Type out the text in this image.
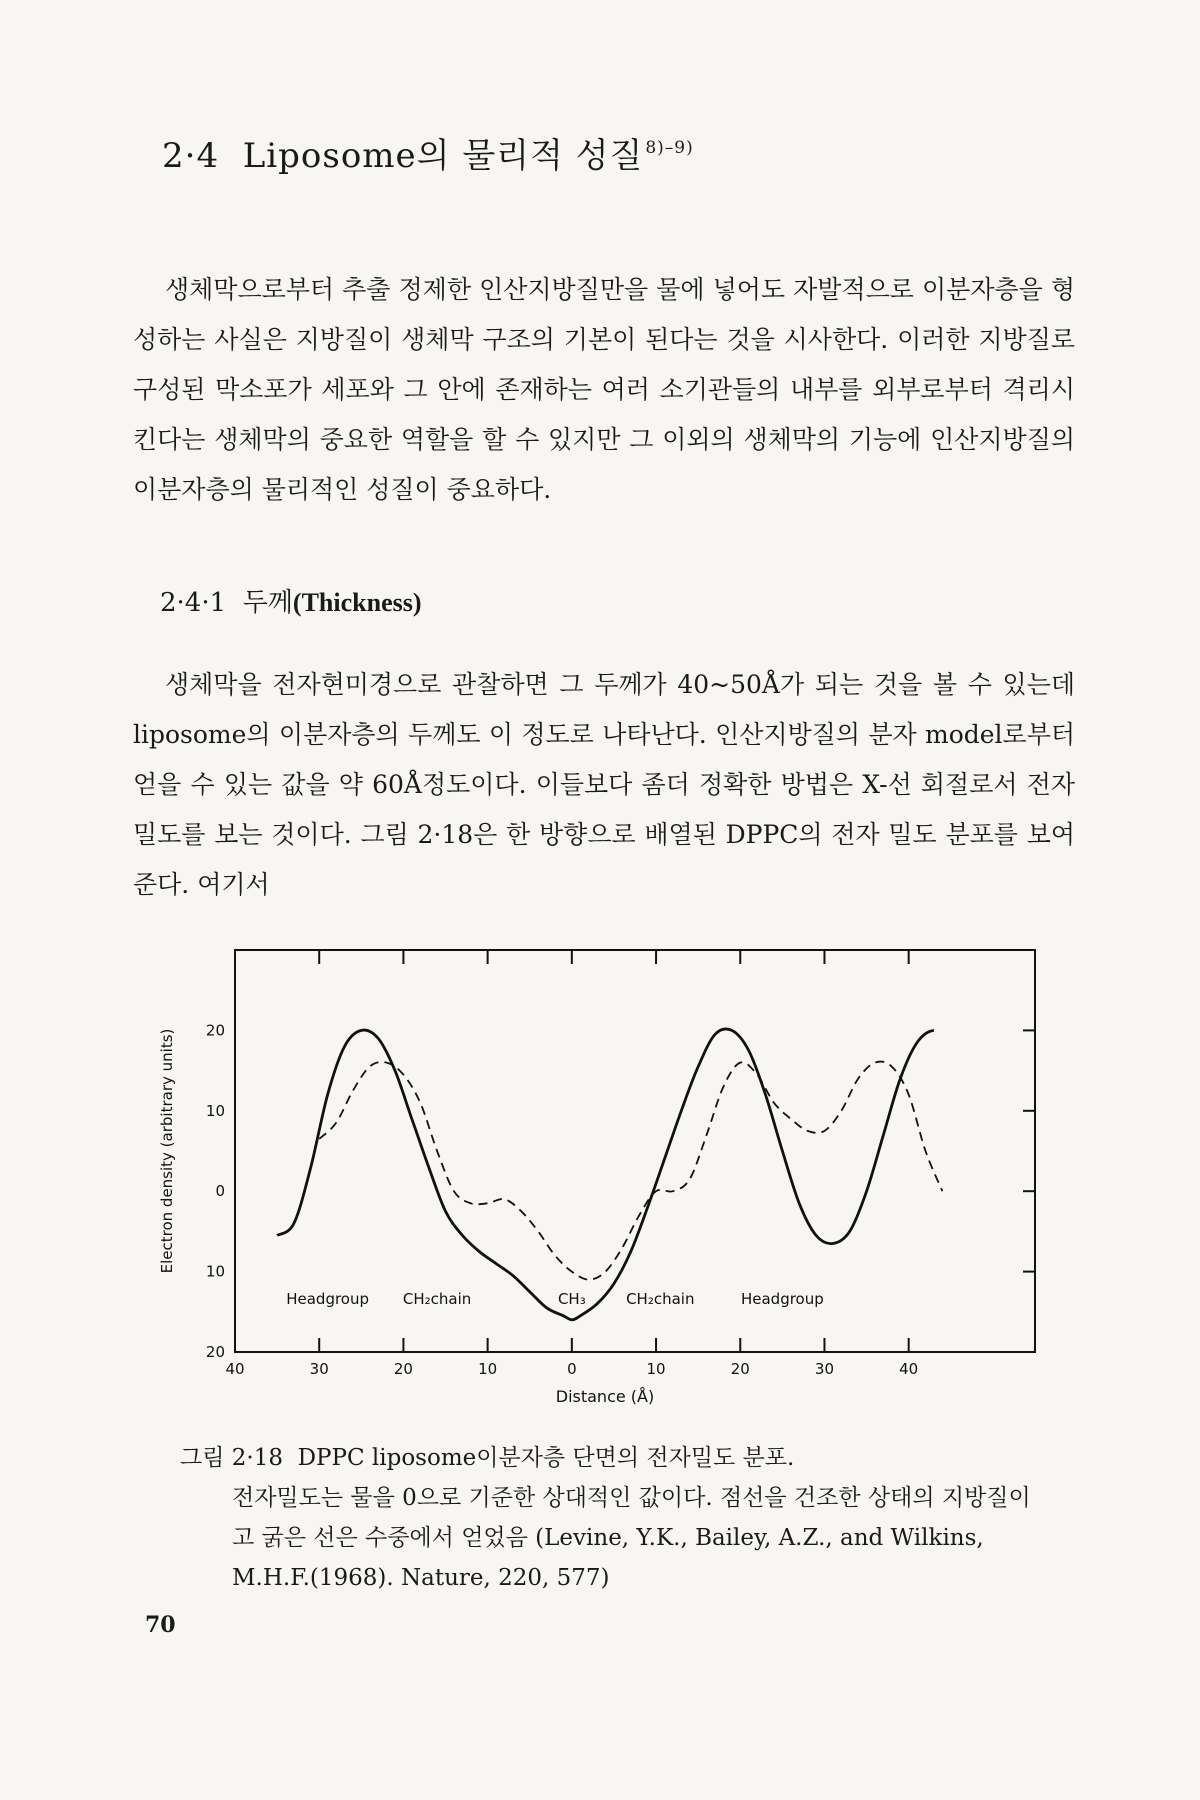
2·4 Liposome의 물리적 성질 $^{8)-9)}$

생체막으로부터 추출 정제한 인산지방질만을 물에 넣어도 자발적으로 이분자층을 형성하는 사실은 지방질이 생체막 구조의 기본이 된다는 것을 시사한다. 이러한 지방질로 구성된 막소포가 세포와 그 안에 존재하는 여러 소기관들의 내부를 외부로부터 격리시킨다는 생체막의 중요한 역할을 할 수 있지만 그 이외의 생체막의 기능에 인산지방질의 이분자층의 물리적인 성질이 중요하다.

2·4·1 두께(Thickness)

생체막을 전자현미경으로 관찰하면 그 두께가 40~50Å가 되는 것을 볼 수 있는데 liposome의 이분자층의 두께도 이 정도로 나타난다. 인산지방질의 분자 model로부터 얻을 수 있는 값을 약 60Å정도이다. 이들보다 좀더 정확한 방법은 X-선 회절로서 전자 밀도를 보는 것이다. 그림 2·18은 한 방향으로 배열된 DPPC의 전자 밀도 분포를 보여준다. 여기서

40	30	20	10	0	10	20	30	40
20
10
0
10
20
Headgroup CH₂chain	CH₃	CH₂chain	Headgroup
Distance (Å)
Electron density (arbitrary units)
그림 2·18 DPPC liposome이분자층 단면의 전자밀도 분포.
전자밀도는 물을 0으로 기준한 상대적인 값이다. 점선을 건조한 상태의 지방질이고 굵은 선은 수중에서 얻었음 (Levine, Y.K., Bailey, A.Z., and Wilkins, M.H.F.(1968). Nature, 220, 577)
70
